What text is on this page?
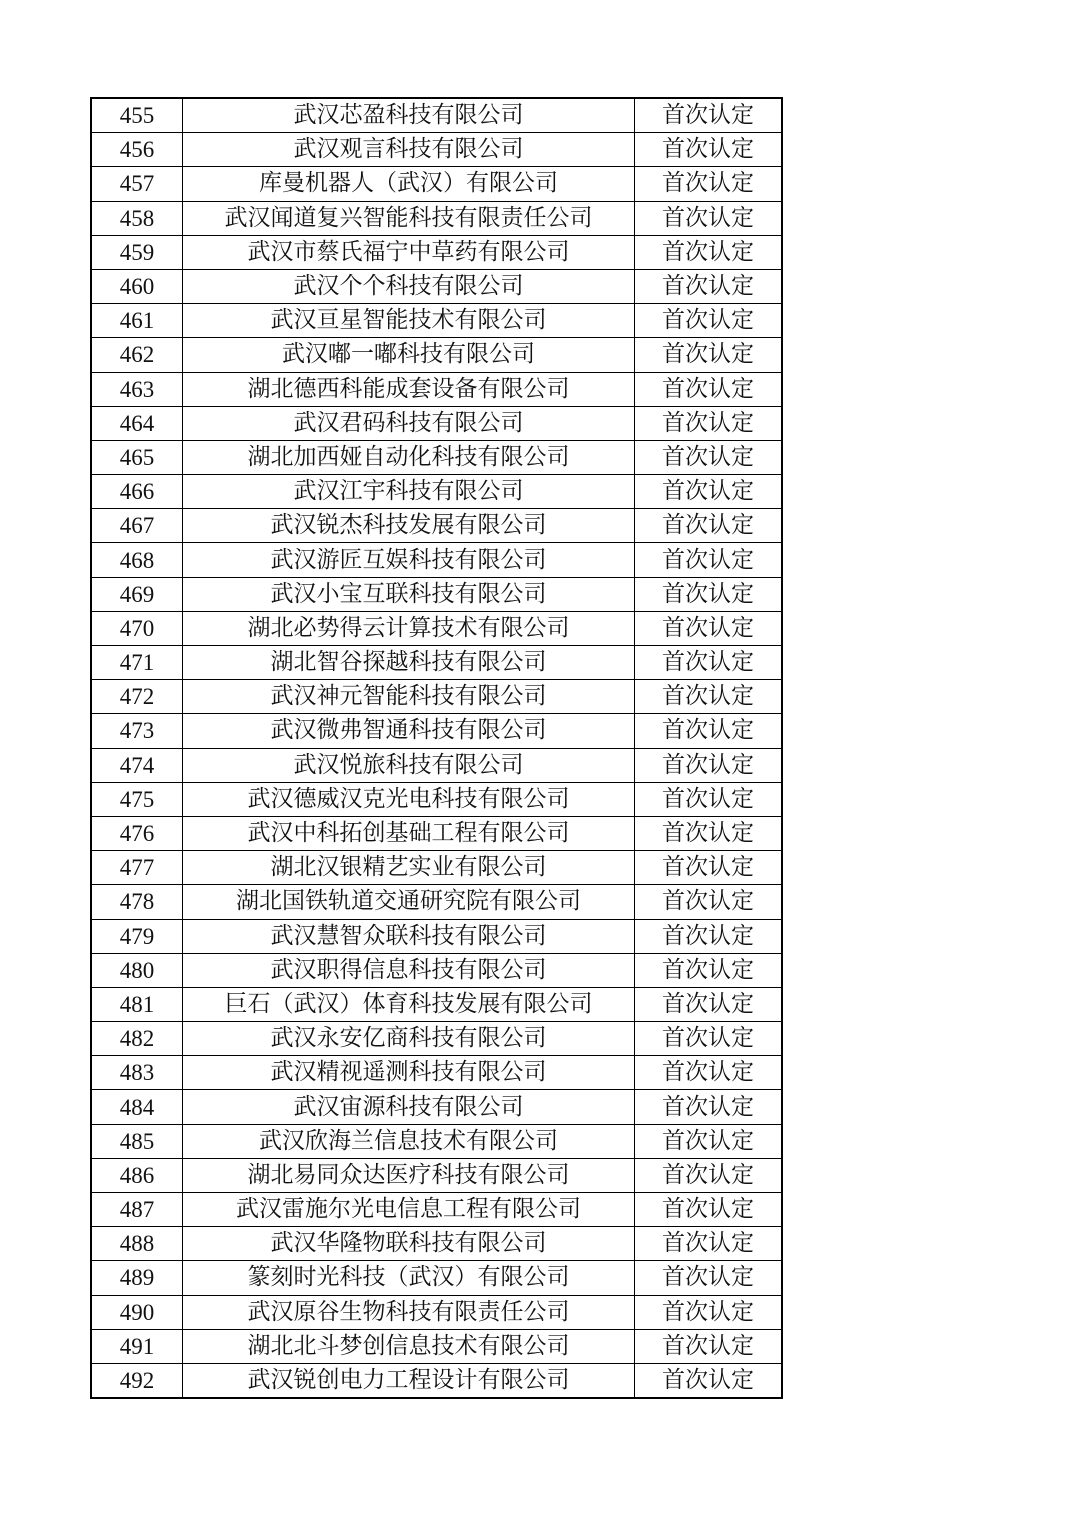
455	武汉芯盈科技有限公司	首次认定
456	武汉观言科技有限公司	首次认定
457	库曼机器人（武汉）有限公司	首次认定
458	武汉闻道复兴智能科技有限责任公司	首次认定
459	武汉市蔡氏福宁中草药有限公司	首次认定
460	武汉个个科技有限公司	首次认定
461	武汉亘星智能技术有限公司	首次认定
462	武汉嘟一嘟科技有限公司	首次认定
463	湖北德西科能成套设备有限公司	首次认定
464	武汉君码科技有限公司	首次认定
465	湖北加西娅自动化科技有限公司	首次认定
466	武汉江宇科技有限公司	首次认定
467	武汉锐杰科技发展有限公司	首次认定
468	武汉游匠互娱科技有限公司	首次认定
469	武汉小宝互联科技有限公司	首次认定
470	湖北必势得云计算技术有限公司	首次认定
471	湖北智谷探越科技有限公司	首次认定
472	武汉神元智能科技有限公司	首次认定
473	武汉微弗智通科技有限公司	首次认定
474	武汉悦旅科技有限公司	首次认定
475	武汉德威汉克光电科技有限公司	首次认定
476	武汉中科拓创基础工程有限公司	首次认定
477	湖北汉银精艺实业有限公司	首次认定
478	湖北国铁轨道交通研究院有限公司	首次认定
479	武汉慧智众联科技有限公司	首次认定
480	武汉职得信息科技有限公司	首次认定
481	巨石（武汉）体育科技发展有限公司	首次认定
482	武汉永安亿商科技有限公司	首次认定
483	武汉精视遥测科技有限公司	首次认定
484	武汉宙源科技有限公司	首次认定
485	武汉欣海兰信息技术有限公司	首次认定
486	湖北易同众达医疗科技有限公司	首次认定
487	武汉雷施尔光电信息工程有限公司	首次认定
488	武汉华隆物联科技有限公司	首次认定
489	篆刻时光科技（武汉）有限公司	首次认定
490	武汉原谷生物科技有限责任公司	首次认定
491	湖北北斗梦创信息技术有限公司	首次认定
492	武汉锐创电力工程设计有限公司	首次认定
